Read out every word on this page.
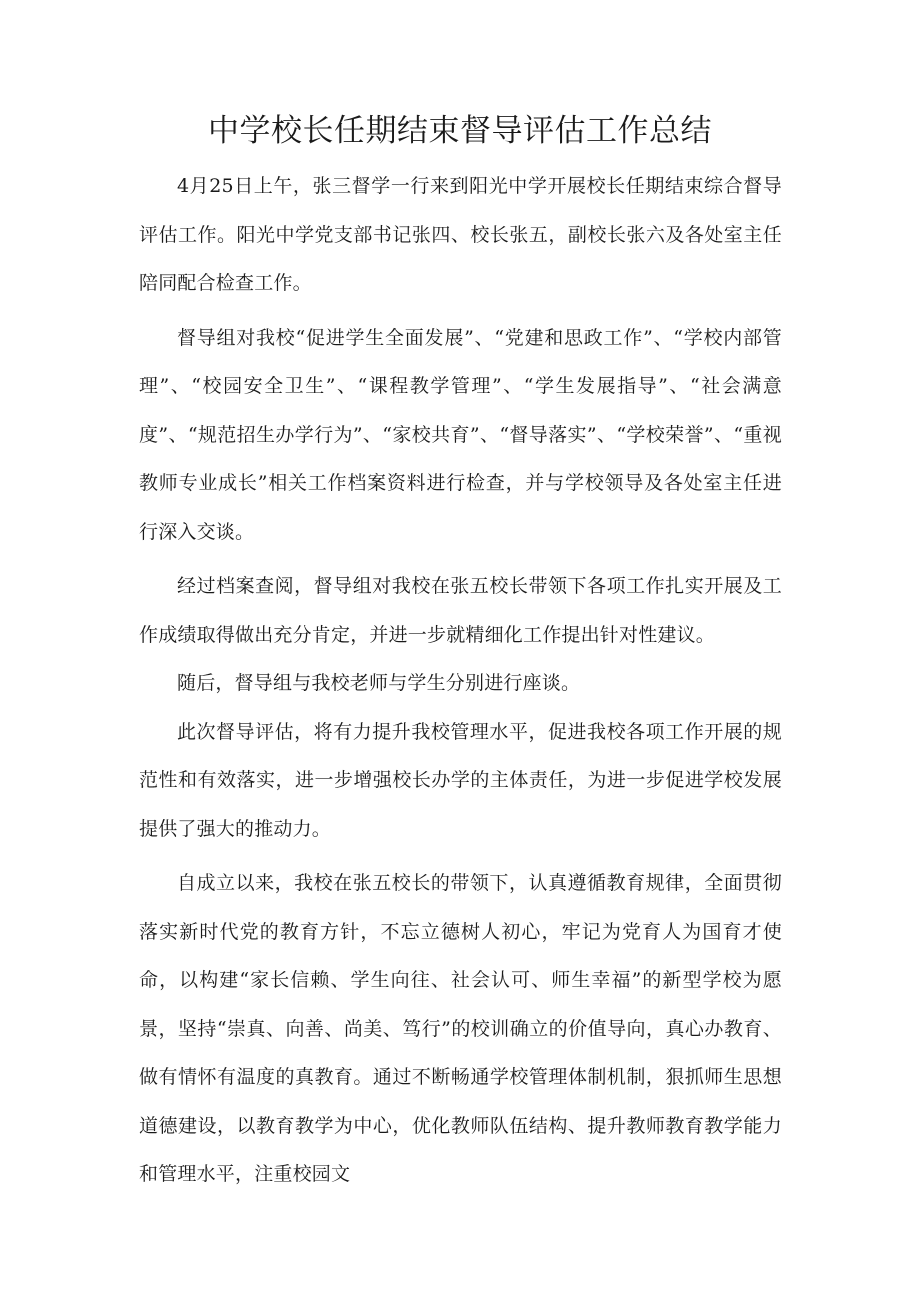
中学校长任期结束督导评估工作总结

4月25日上午，张三督学一行来到阳光中学开展校长任期结束综合督导评估工作。阳光中学党支部书记张四、校长张五，副校长张六及各处室主任陪同配合检查工作。

督导组对我校“促进学生全面发展”、“党建和思政工作”、“学校内部管理”、“校园安全卫生”、“课程教学管理”、“学生发展指导”、“社会满意度”、“规范招生办学行为”、“家校共育”、“督导落实”、“学校荣誉”、“重视教师专业成长”相关工作档案资料进行检查，并与学校领导及各处室主任进行深入交谈。

经过档案查阅，督导组对我校在张五校长带领下各项工作扎实开展及工作成绩取得做出充分肯定，并进一步就精细化工作提出针对性建议。

随后，督导组与我校老师与学生分别进行座谈。

此次督导评估，将有力提升我校管理水平，促进我校各项工作开展的规范性和有效落实，进一步增强校长办学的主体责任，为进一步促进学校发展提供了强大的推动力。

自成立以来，我校在张五校长的带领下，认真遵循教育规律，全面贯彻落实新时代党的教育方针，不忘立德树人初心，牢记为党育人为国育才使命，以构建“家长信赖、学生向往、社会认可、师生幸福”的新型学校为愿景，坚持“崇真、向善、尚美、笃行”的校训确立的价值导向，真心办教育、做有情怀有温度的真教育。通过不断畅通学校管理体制机制，狠抓师生思想道德建设，以教育教学为中心，优化教师队伍结构、提升教师教育教学能力和管理水平，注重校园文
